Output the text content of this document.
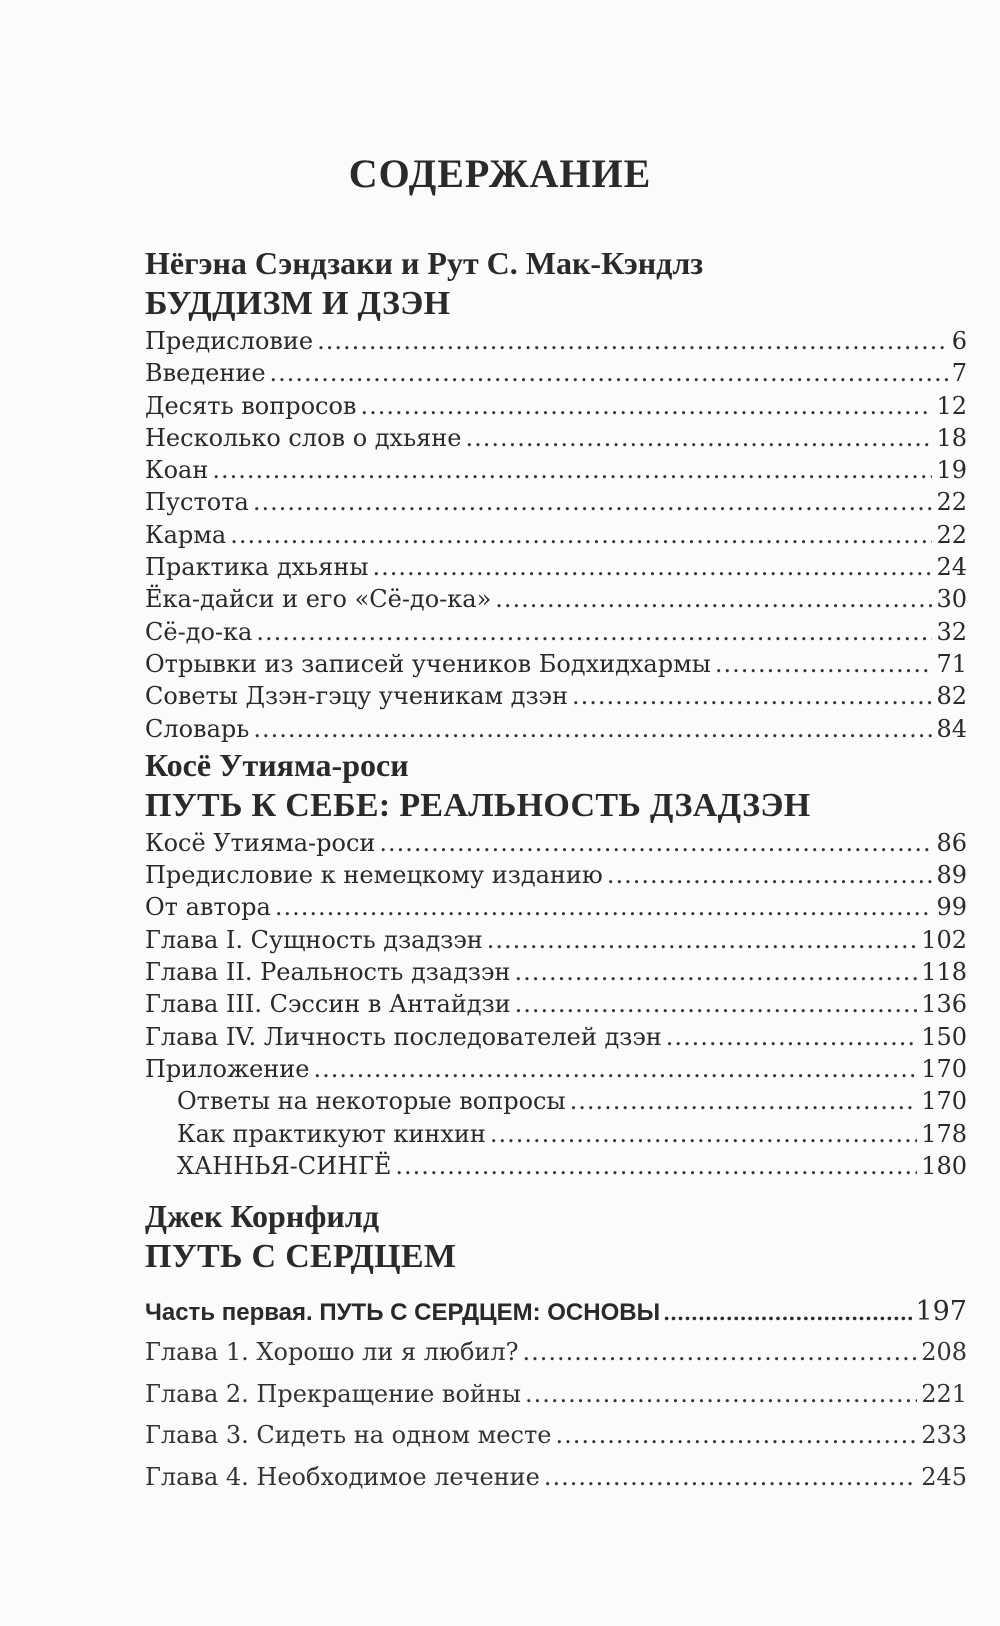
СОДЕРЖАНИЕ
Нёгэна Сэндзаки и Рут С. Мак-Кэндлз
БУДДИЗМ И ДЗЭН
Предисловие .....	6
Введение .....	7
Десять вопросов .....	12
Несколько слов о дхьяне .....	18
Коан .....	19
Пустота .....	22
Карма .....	22
Практика дхьяны .....	24
Ёка-дайси и его «Сё-до-ка» .....	30
Сё-до-ка .....	32
Отрывки из записей учеников Бодхидхармы .....	71
Советы Дзэн-гэцу ученикам дзэн .....	82
Словарь .....	84
Косё Утияма-роси
ПУТЬ К СЕБЕ: РЕАЛЬНОСТЬ ДЗАДЗЭН
Косё Утияма-роси .....	86
Предисловие к немецкому изданию .....	89
От автора .....	99
Глава I. Сущность дзадзэн .....	102
Глава II. Реальность дзадзэн .....	118
Глава III. Сэссин в Антайдзи .....	136
Глава IV. Личность последователей дзэн .....	150
Приложение .....	170
Ответы на некоторые вопросы .....	170
Как практикуют кинхин .....	178
ХАННЬЯ-СИНГЁ .....	180
Джек Корнфилд
ПУТЬ С СЕРДЦЕМ
Часть первая. ПУТЬ С СЕРДЦЕМ: ОСНОВЫ .....	197
Глава 1. Хорошо ли я любил? .....	208
Глава 2. Прекращение войны .....	221
Глава 3. Сидеть на одном месте .....	233
Глава 4. Необходимое лечение .....	245
